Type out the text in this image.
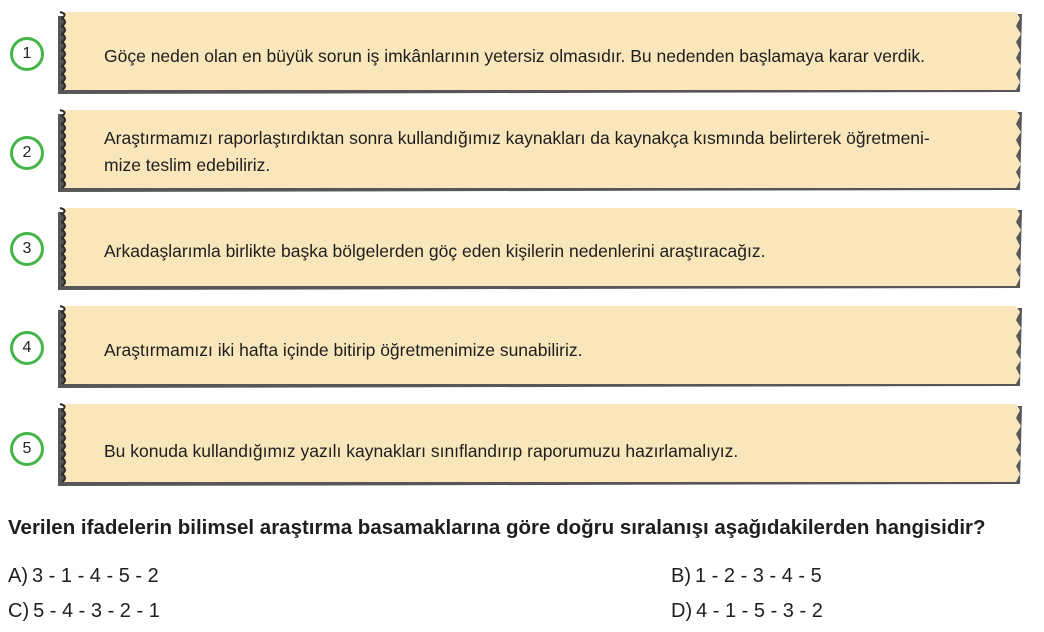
1	Göçe neden olan en büyük sorun iş imkânlarının yetersiz olmasıdır. Bu nedenden başlamaya karar verdik.
2
Araştırmamızı raporlaştırdıktan sonra kullandığımız kaynakları da kaynakça kısmında belirterek öğretmeni-
mize teslim edebiliriz.
3	Arkadaşlarımla birlikte başka bölgelerden göç eden kişilerin nedenlerini araştıracağız.
4	Araştırmamızı iki hafta içinde bitirip öğretmenimize sunabiliriz.
5	Bu konuda kullandığımız yazılı kaynakları sınıflandırıp raporumuzu hazırlamalıyız.
Verilen ifadelerin bilimsel araştırma basamaklarına göre doğru sıralanışı aşağıdakilerden hangisidir?
A) 3 - 1 - 4 - 5 - 2	B) 1 - 2 - 3 - 4 - 5
C) 5 - 4 - 3 - 2 - 1	D) 4 - 1 - 5 - 3 - 2
